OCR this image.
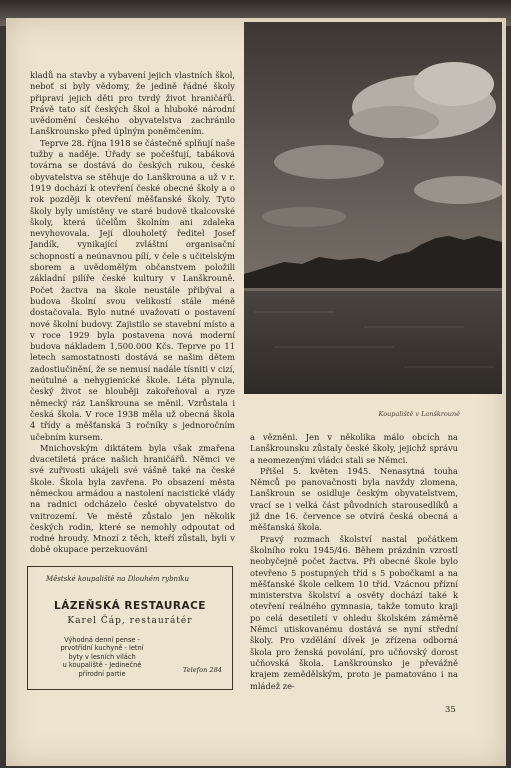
kladů na stavby a vybavení jejich vlastních škol, neboť si byly vědomy, že jedině řádné školy připraví jejich děti pro tvrdý život hraničářů. Právě tato síť českých škol a hluboké národní uvědomění českého obyvatelstva zachránilo Lanškrounsko před úplným poněmčením.

Teprve 28. října 1918 se částečně splňují naše tužby a naděje. Úřady se počešťují, tabáková továrna se dostává do českých rukou, české obyvatelstva se stěhuje do Lanškrouna a už v r. 1919 dochází k otevření české obecné školy a o rok později k otevření měšťanské školy. Tyto školy byly umístěny ve staré budově tkalcovské školy, která účelům školním ani zdaleka nevyhovovala. Její dlouholetý ředitel Josef Jandík, vynikající zvláštní organisační schopností a neúnavnou pílí, v čele s učitelským sborem a uvědomělým občanstvem položili základní pilíře české kultury v Lanškrouně. Počet žactva na škole neustále přibýval a budova školní svou velikostí stále méně dostačovala. Bylo nutné uvažovati o postavení nové školní budovy. Zajistilo se stavební místo a v roce 1929 byla postavena nová moderní budova nákladem 1,500.000 Kčs. Teprve po 11 letech samostatnosti dostává se našim dětem zadostiučinění, že se nemusí nadále tísniti v cizí, neútulné a nehygienické škole. Léta plynula, český život se hlouběji zakořeňoval a ryze německý ráz Lanškrouna se měnil. Vzrůstala i česká škola. V roce 1938 měla už obecná škola 4 třídy a měšťanská 3 ročníky s jednoročním učebním kursem.

Mnichovským diktátem byla však zmařena dvacetiletá práce našich hraničářů. Němci ve své zuřivosti ukájeli své vášně také na české škole. Škola byla zavřena. Po obsazení města německou armádou a nastolení nacistické vlády na radnici odcházelo české obyvatelstvo do vnitrozemí. Ve městě zůstalo jen několik českých rodin, které se nemohly odpoutat od rodné hroudy. Mnozí z těch, kteří zůstali, byli v době okupace perzekuováni

Koupaliště v Lanškrouně

a vězněni. Jen v několika málo obcích na Lanškrounsku zůstaly české školy, jejichž správu a neomezenými vládci stali se Němci.

Přišel 5. květen 1945. Nenasytná touha Němců po panovačnosti byla navždy zlomena, Lanškroun se osidluje českým obyvatelstvem, vrací se i velká část původních starousedlíků a již dne 16. července se otvírá česká obecná a měšťanská škola.

Pravý rozmach školství nastal počátkem školního roku 1945/46. Během prázdnin vzrostl neobyčejně počet žactva. Při obecné škole bylo otevřeno 5 postupných tříd s 5 pobočkami a na měšťanské škole celkem 10 tříd. Vzácnou přízní ministerstva školství a osvěty dochází také k otevření reálného gymnasia, takže tomuto kraji po celá desetiletí v ohledu školském záměrně Němci utiskovanému dostává se nyní střední školy. Pro vzdělání dívek je zřízena odborná škola pro ženská povolání, pro učňovský dorost učňovská škola. Lanškrounsko je převážně krajem zemědělským, proto je pamatováno i na mládež ze-

Městské koupaliště na Dlouhém rybníku
LÁZEŇSKÁ RESTAURACE
Karel Čáp, restaurátér
Výhodná denní pense -
prvotřídní kuchyně - letní
byty v lesních vilách
u koupaliště - Jedinečné
přírodní partie	Telefon 284
35
